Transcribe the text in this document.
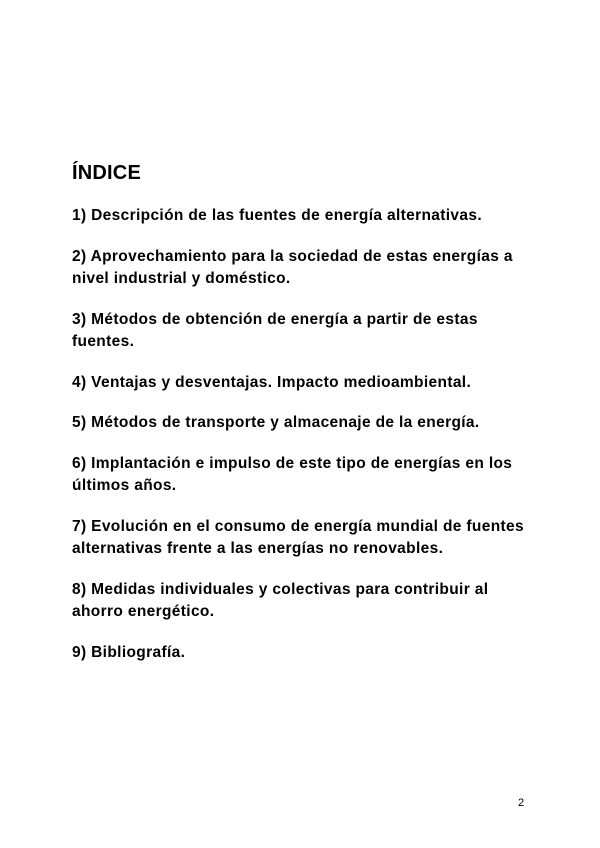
ÍNDICE
1) Descripción de las fuentes de energía alternativas.
2) Aprovechamiento para la sociedad de estas energías a nivel industrial y doméstico.
3) Métodos de obtención de energía a partir de estas fuentes.
4) Ventajas y desventajas. Impacto medioambiental.
5) Métodos de transporte y almacenaje de la energía.
6) Implantación e impulso de este tipo de energías en los últimos años.
7) Evolución en el consumo de energía mundial de fuentes alternativas frente a las energías no renovables.
8) Medidas individuales y colectivas para contribuir al ahorro energético.
9) Bibliografía.

2
